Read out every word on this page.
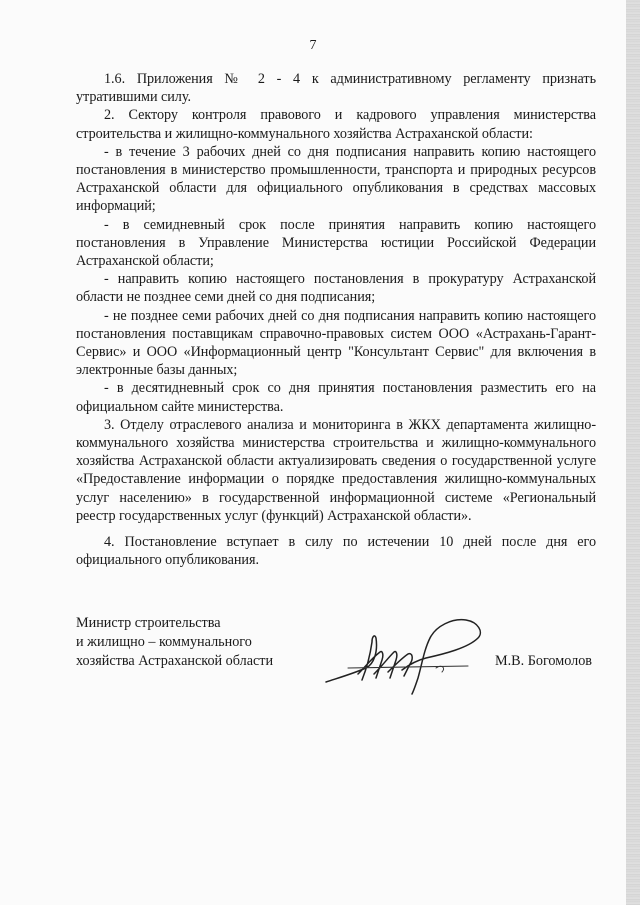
7

1.6. Приложения № 2 - 4 к административному регламенту признать утратившими силу.

2. Сектору контроля правового и кадрового управления министерства строительства и жилищно-коммунального хозяйства Астраханской области:

- в течение 3 рабочих дней со дня подписания направить копию настоящего постановления в министерство промышленности, транспорта и природных ресурсов Астраханской области для официального опубликования в средствах массовых информаций;

- в семидневный срок после принятия направить копию настоящего постановления в Управление Министерства юстиции Российской Федерации Астраханской области;

- направить копию настоящего постановления в прокуратуру Астраханской области не позднее семи дней со дня подписания;

- не позднее семи рабочих дней со дня подписания направить копию настоящего постановления поставщикам справочно-правовых систем ООО «Астрахань-Гарант-Сервис» и ООО «Информационный центр "Консультант Сервис" для включения в электронные базы данных;

- в десятидневный срок со дня принятия постановления разместить его на официальном сайте министерства.

3. Отделу отраслевого анализа и мониторинга в ЖКХ департамента жилищно-коммунального хозяйства министерства строительства и жилищно-коммунального хозяйства Астраханской области актуализировать сведения о государственной услуге «Предоставление информации о порядке предоставления жилищно-коммунальных услуг населению» в государственной информационной системе «Региональный реестр государственных услуг (функций) Астраханской области».

4. Постановление вступает в силу по истечении 10 дней после дня его официального опубликования.

Министр строительства
и жилищно – коммунального
хозяйства Астраханской области	М.В. Богомолов
